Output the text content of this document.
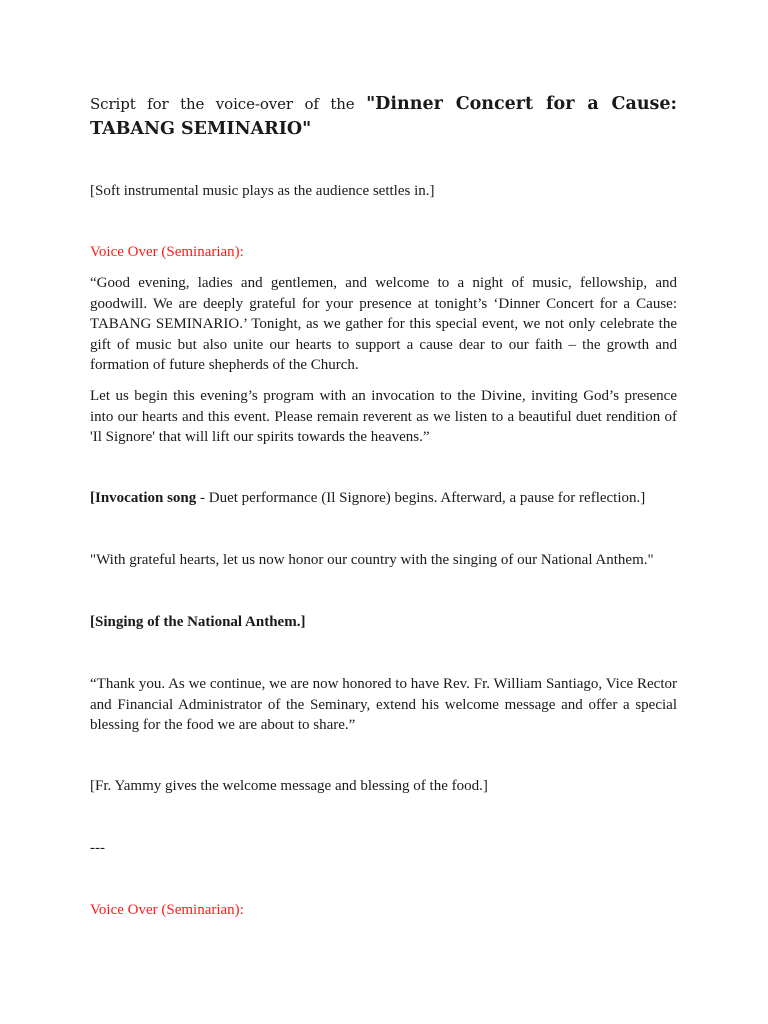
Script for the voice-over of the "Dinner Concert for a Cause: TABANG SEMINARIO"

[Soft instrumental music plays as the audience settles in.]

Voice Over (Seminarian):

“Good evening, ladies and gentlemen, and welcome to a night of music, fellowship, and goodwill. We are deeply grateful for your presence at tonight’s ‘Dinner Concert for a Cause: TABANG SEMINARIO.’ Tonight, as we gather for this special event, we not only celebrate the gift of music but also unite our hearts to support a cause dear to our faith – the growth and formation of future shepherds of the Church.

Let us begin this evening’s program with an invocation to the Divine, inviting God’s presence into our hearts and this event. Please remain reverent as we listen to a beautiful duet rendition of 'Il Signore' that will lift our spirits towards the heavens.”

[Invocation song - Duet performance (Il Signore) begins. Afterward, a pause for reflection.]

"With grateful hearts, let us now honor our country with the singing of our National Anthem."

[Singing of the National Anthem.]

“Thank you. As we continue, we are now honored to have Rev. Fr. William Santiago, Vice Rector and Financial Administrator of the Seminary, extend his welcome message and offer a special blessing for the food we are about to share.”

[Fr. Yammy gives the welcome message and blessing of the food.]

---

Voice Over (Seminarian):
